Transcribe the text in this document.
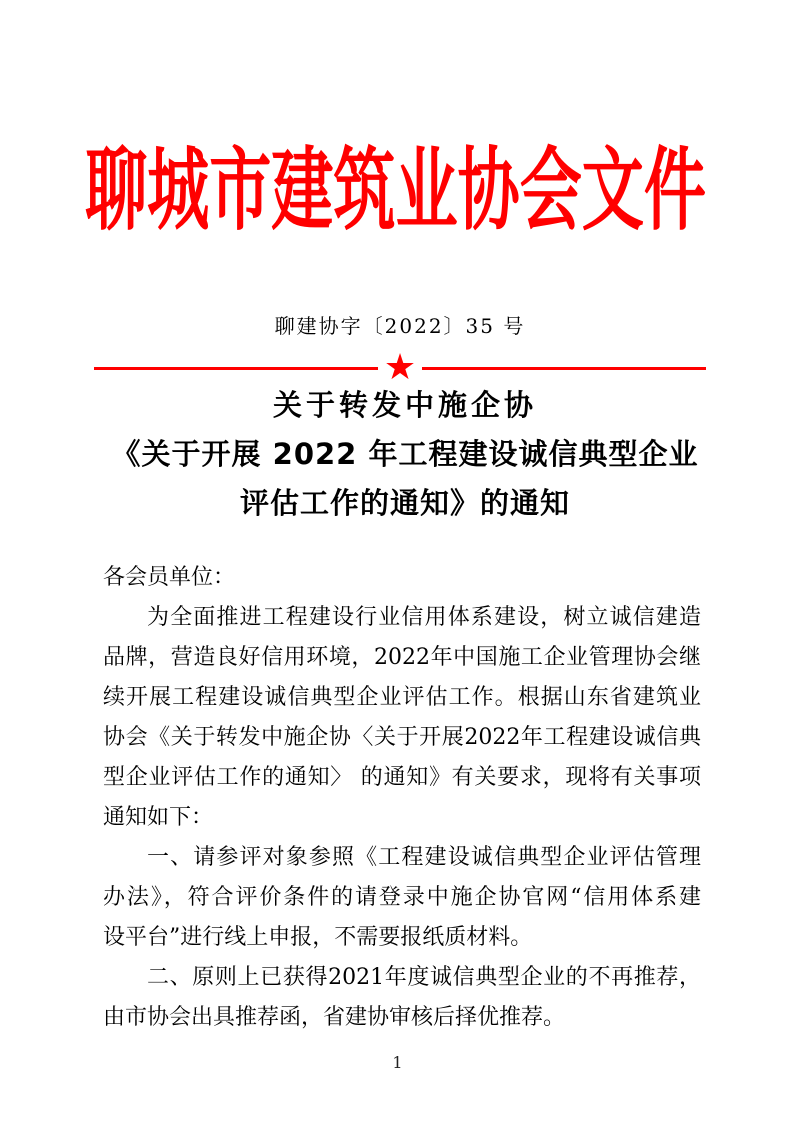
聊城市建筑业协会文件
聊建协字〔2022〕35 号
★
关于转发中施企协
《关于开展 2022 年工程建设诚信典型企业
评估工作的通知》的通知
各会员单位：
为全面推进工程建设行业信用体系建设，树立诚信建造
品牌，营造良好信用环境，2022年中国施工企业管理协会继
续开展工程建设诚信典型企业评估工作。根据山东省建筑业
协会《关于转发中施企协〈关于开展2022年工程建设诚信典
型企业评估工作的通知〉 的通知》有关要求，现将有关事项
通知如下：
一、请参评对象参照《工程建设诚信典型企业评估管理
办法》，符合评价条件的请登录中施企协官网“信用体系建
设平台”进行线上申报，不需要报纸质材料。
二、原则上已获得2021年度诚信典型企业的不再推荐，
由市协会出具推荐函，省建协审核后择优推荐。
1
